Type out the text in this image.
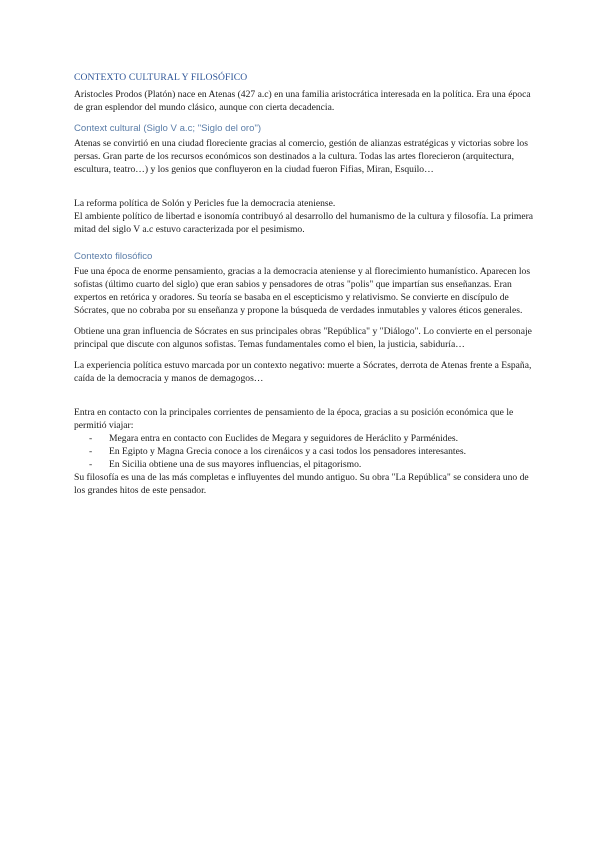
CONTEXTO CULTURAL Y FILOSÓFICO

Aristocles Prodos (Platón) nace en Atenas (427 a.c) en una familia aristocrática interesada en la política. Era una época de gran esplendor del mundo clásico, aunque con cierta decadencia.

Context cultural (Siglo V a.c; "Siglo del oro")

Atenas se convirtió en una ciudad floreciente gracias al comercio, gestión de alianzas estratégicas y victorias sobre los persas. Gran parte de los recursos económicos son destinados a la cultura. Todas las artes florecieron (arquitectura, escultura, teatro…) y los genios que confluyeron en la ciudad fueron Fifias, Miran, Esquilo…

La reforma política de Solón y Pericles fue la democracia ateniense.

El ambiente político de libertad e isonomía contribuyó al desarrollo del humanismo de la cultura y filosofía. La primera mitad del siglo V a.c estuvo caracterizada por el pesimismo.

Contexto filosófico

Fue una época de enorme pensamiento, gracias a la democracia ateniense y al florecimiento humanístico. Aparecen los sofistas (último cuarto del siglo) que eran sabios y pensadores de otras "polis" que impartían sus enseñanzas. Eran expertos en retórica y oradores. Su teoría se basaba en el escepticismo y relativismo. Se convierte en discípulo de Sócrates, que no cobraba por su enseñanza y propone la búsqueda de verdades inmutables y valores éticos generales.

Obtiene una gran influencia de Sócrates en sus principales obras "República" y "Diálogo". Lo convierte en el personaje principal que discute con algunos sofistas. Temas fundamentales como el bien, la justicia, sabiduría…

La experiencia política estuvo marcada por un contexto negativo: muerte a Sócrates, derrota de Atenas frente a España, caída de la democracia y manos de demagogos…

Entra en contacto con la principales corrientes de pensamiento de la época, gracias a su posición económica que le permitió viajar:

- Megara entra en contacto con Euclides de Megara y seguidores de Heráclito y Parménides.
- En Egipto y Magna Grecia conoce a los cirenáicos y a casi todos los pensadores interesantes.
- En Sicilia obtiene una de sus mayores influencias, el pitagorismo.

Su filosofía es una de las más completas e influyentes del mundo antiguo. Su obra "La República" se considera uno de los grandes hitos de este pensador.
